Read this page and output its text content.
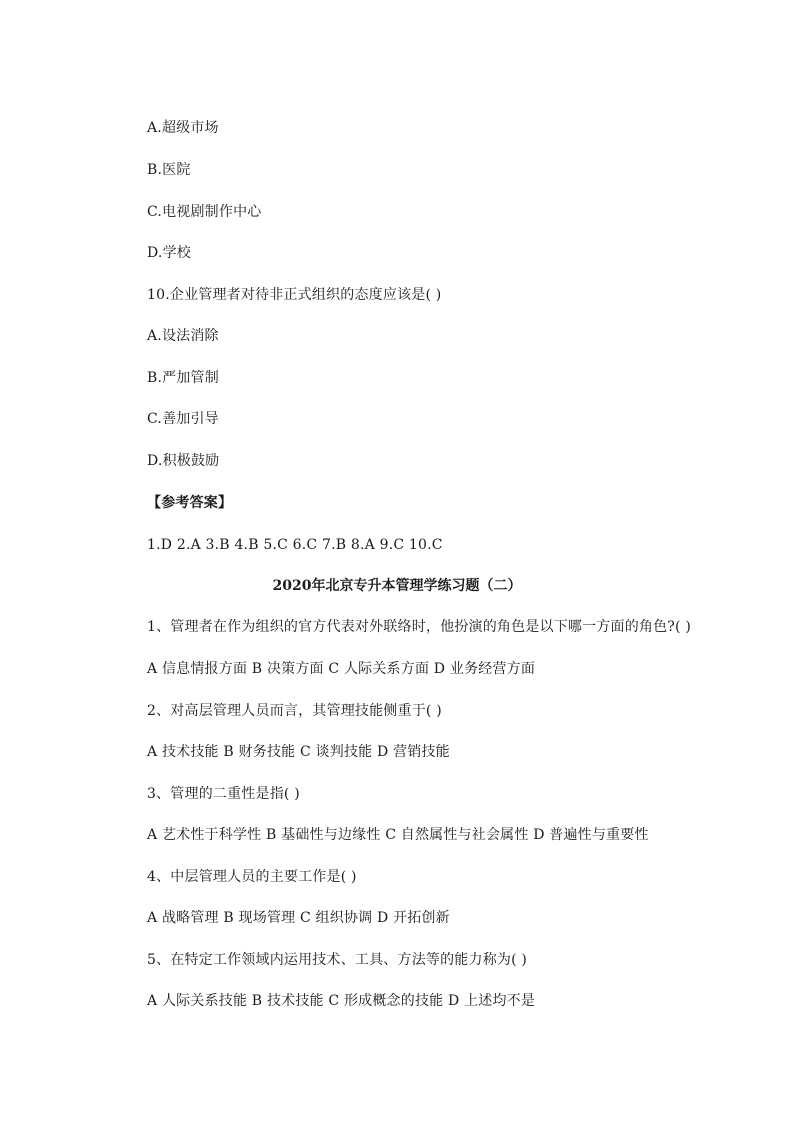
A.超级市场
B.医院
C.电视剧制作中心
D.学校
10.企业管理者对待非正式组织的态度应该是( )
A.设法消除
B.严加管制
C.善加引导
D.积极鼓励
【参考答案】
1.D 2.A 3.B 4.B 5.C 6.C 7.B 8.A 9.C 10.C
2020年北京专升本管理学练习题（二）
1、管理者在作为组织的官方代表对外联络时，他扮演的角色是以下哪一方面的角色?( )
A 信息情报方面 B 决策方面 C 人际关系方面 D 业务经营方面
2、对高层管理人员而言，其管理技能侧重于( )
A 技术技能 B 财务技能 C 谈判技能 D 营销技能
3、管理的二重性是指( )
A 艺术性于科学性 B 基础性与边缘性 C 自然属性与社会属性 D 普遍性与重要性
4、中层管理人员的主要工作是( )
A 战略管理 B 现场管理 C 组织协调 D 开拓创新
5、在特定工作领域内运用技术、工具、方法等的能力称为( )
A 人际关系技能 B 技术技能 C 形成概念的技能 D 上述均不是
